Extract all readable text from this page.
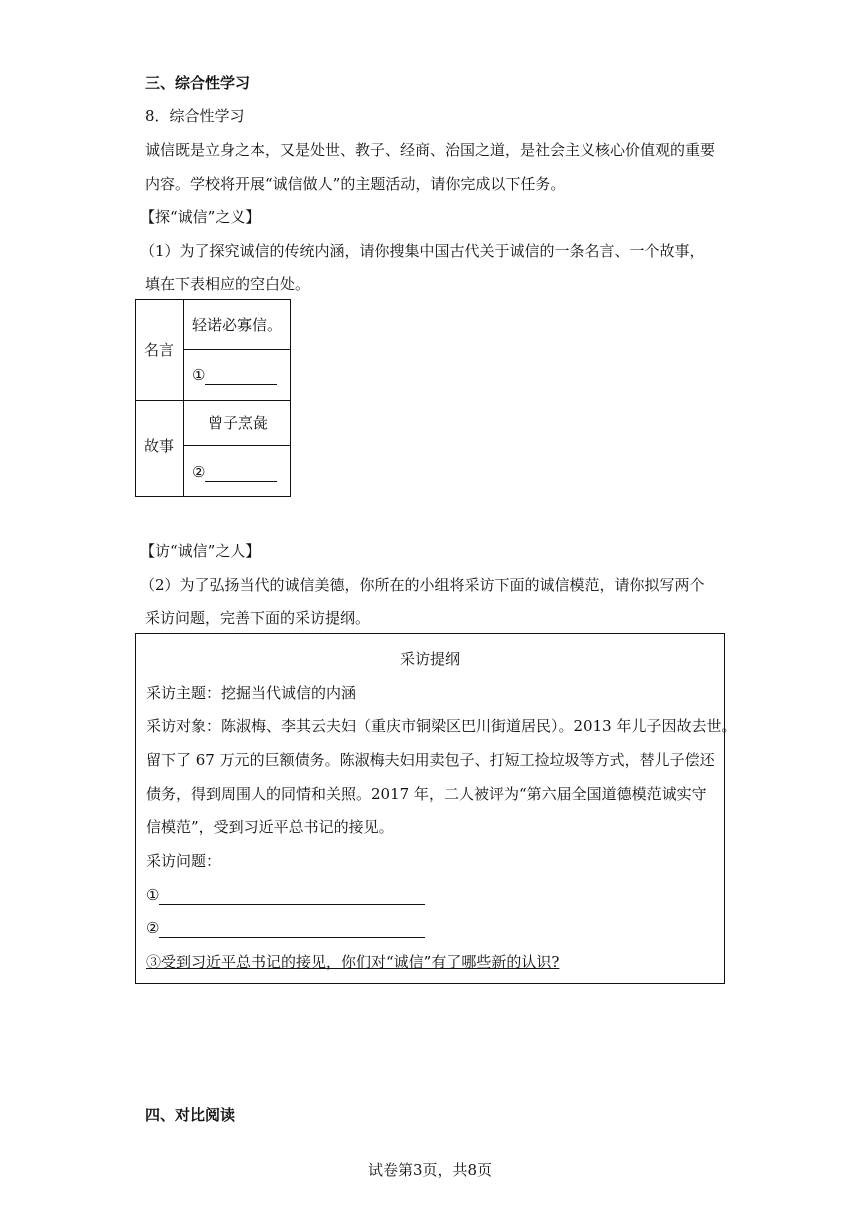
三、综合性学习
8．综合性学习
诚信既是立身之本，又是处世、教子、经商、治国之道，是社会主义核心价值观的重要
内容。学校将开展“诚信做人”的主题活动，请你完成以下任务。
【探“诚信”之义】
（1）为了探究诚信的传统内涵，请你搜集中国古代关于诚信的一条名言、一个故事，
填在下表相应的空白处。
名言
轻诺必寡信。
①
故事
曾子烹彘
②
【访“诚信”之人】
（2）为了弘扬当代的诚信美德，你所在的小组将采访下面的诚信模范，请你拟写两个
采访问题，完善下面的采访提纲。
采访提纲
采访主题：挖掘当代诚信的内涵
采访对象：陈淑梅、李其云夫妇（重庆市铜梁区巴川街道居民）。2013 年儿子因故去世。
留下了 67 万元的巨额债务。陈淑梅夫妇用卖包子、打短工捡垃圾等方式，替儿子偿还
债务，得到周围人的同情和关照。2017 年，二人被评为“第六届全国道德模范诚实守
信模范”，受到习近平总书记的接见。
采访问题：
①
②
③受到习近平总书记的接见，你们对“诚信”有了哪些新的认识?
四、对比阅读
试卷第3页，共8页
